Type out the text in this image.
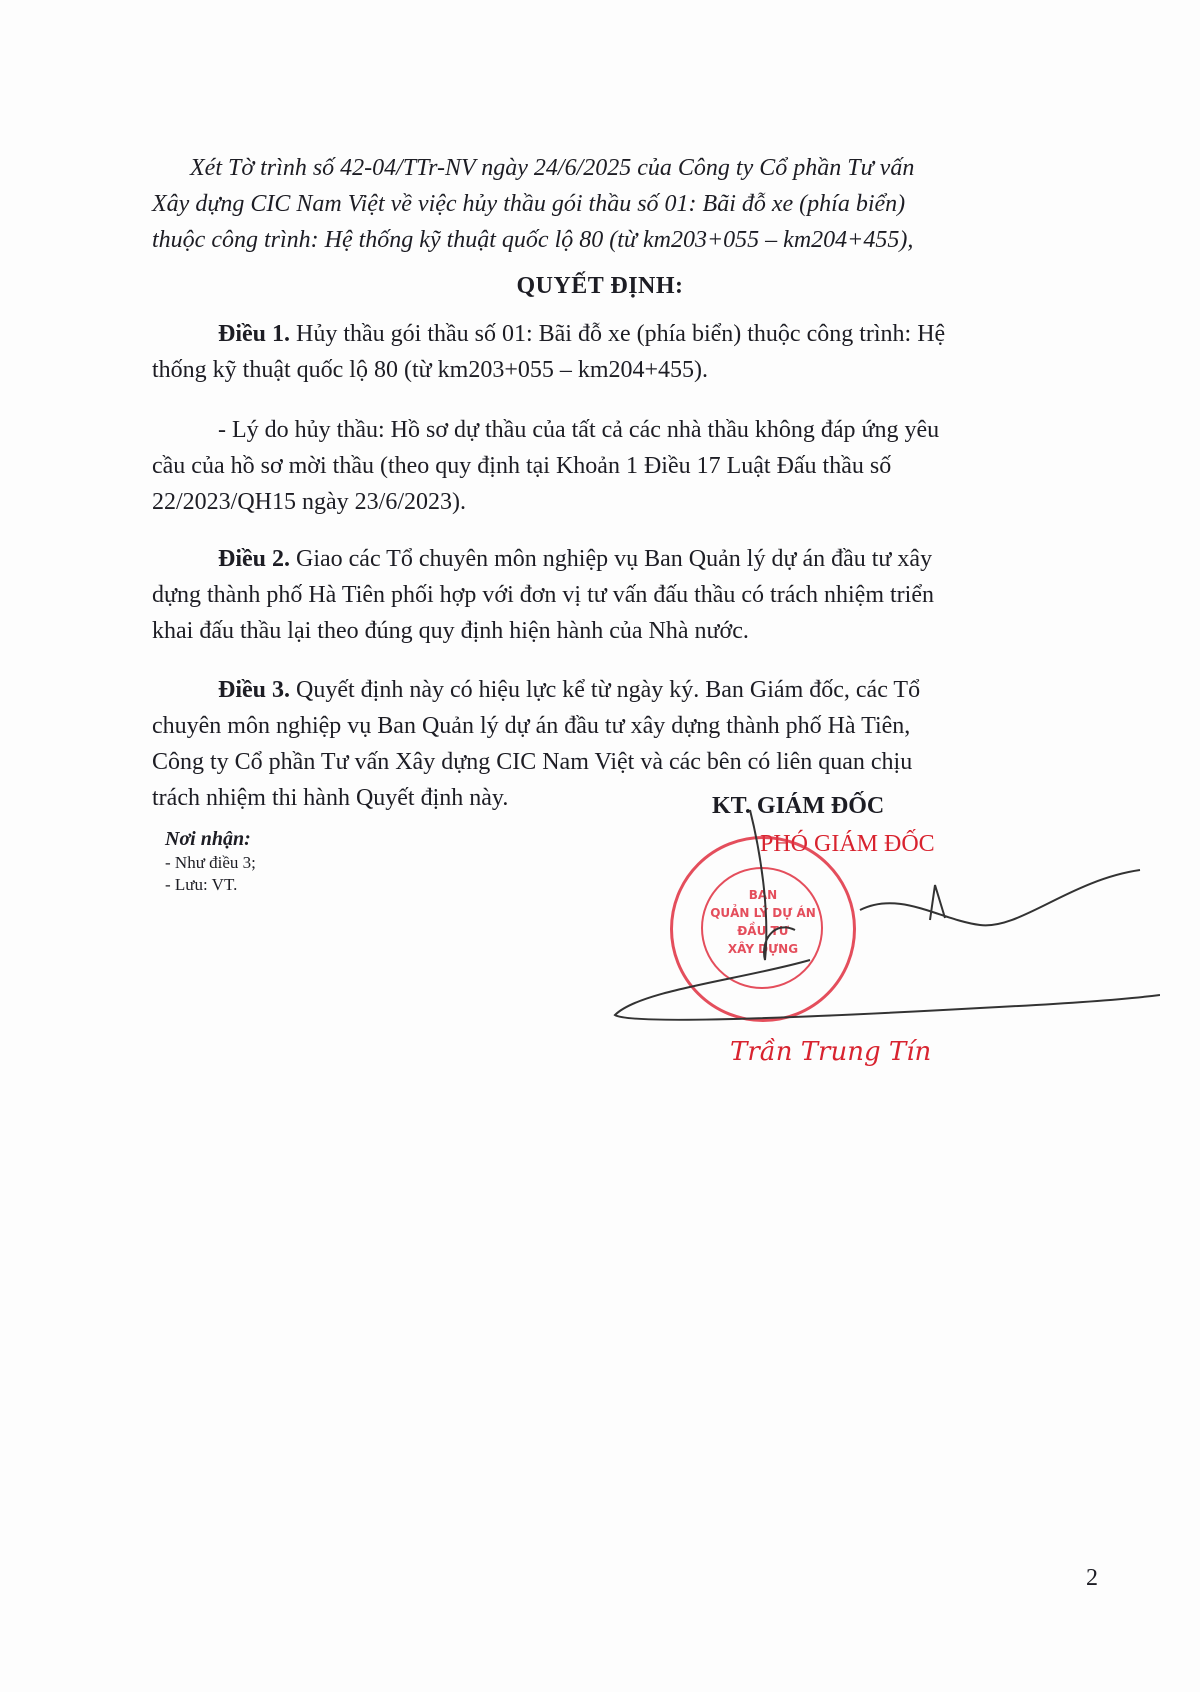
Xét Tờ trình số 42-04/TTr-NV ngày 24/6/2025 của Công ty Cổ phần Tư vấn
Xây dựng CIC Nam Việt về việc hủy thầu gói thầu số 01: Bãi đỗ xe (phía biển)
thuộc công trình: Hệ thống kỹ thuật quốc lộ 80 (từ km203+055 – km204+455),
QUYẾT ĐỊNH:
Điều 1. Hủy thầu gói thầu số 01: Bãi đỗ xe (phía biển) thuộc công trình: Hệ
thống kỹ thuật quốc lộ 80 (từ km203+055 – km204+455).
- Lý do hủy thầu: Hồ sơ dự thầu của tất cả các nhà thầu không đáp ứng yêu
cầu của hồ sơ mời thầu (theo quy định tại Khoản 1 Điều 17 Luật Đấu thầu số
22/2023/QH15 ngày 23/6/2023).
Điều 2. Giao các Tổ chuyên môn nghiệp vụ Ban Quản lý dự án đầu tư xây
dựng thành phố Hà Tiên phối hợp với đơn vị tư vấn đấu thầu có trách nhiệm triển
khai đấu thầu lại theo đúng quy định hiện hành của Nhà nước.
Điều 3. Quyết định này có hiệu lực kể từ ngày ký. Ban Giám đốc, các Tổ
chuyên môn nghiệp vụ Ban Quản lý dự án đầu tư xây dựng thành phố Hà Tiên,
Công ty Cổ phần Tư vấn Xây dựng CIC Nam Việt và các bên có liên quan chịu
trách nhiệm thi hành Quyết định này.
Nơi nhận:
- Như điều 3;
- Lưu: VT.
KT. GIÁM ĐỐC
PHÓ GIÁM ĐỐC
BAN
QUẢN LÝ DỰ ÁN
ĐẦU TƯ
XÂY DỰNG
Trần Trung Tín
2
